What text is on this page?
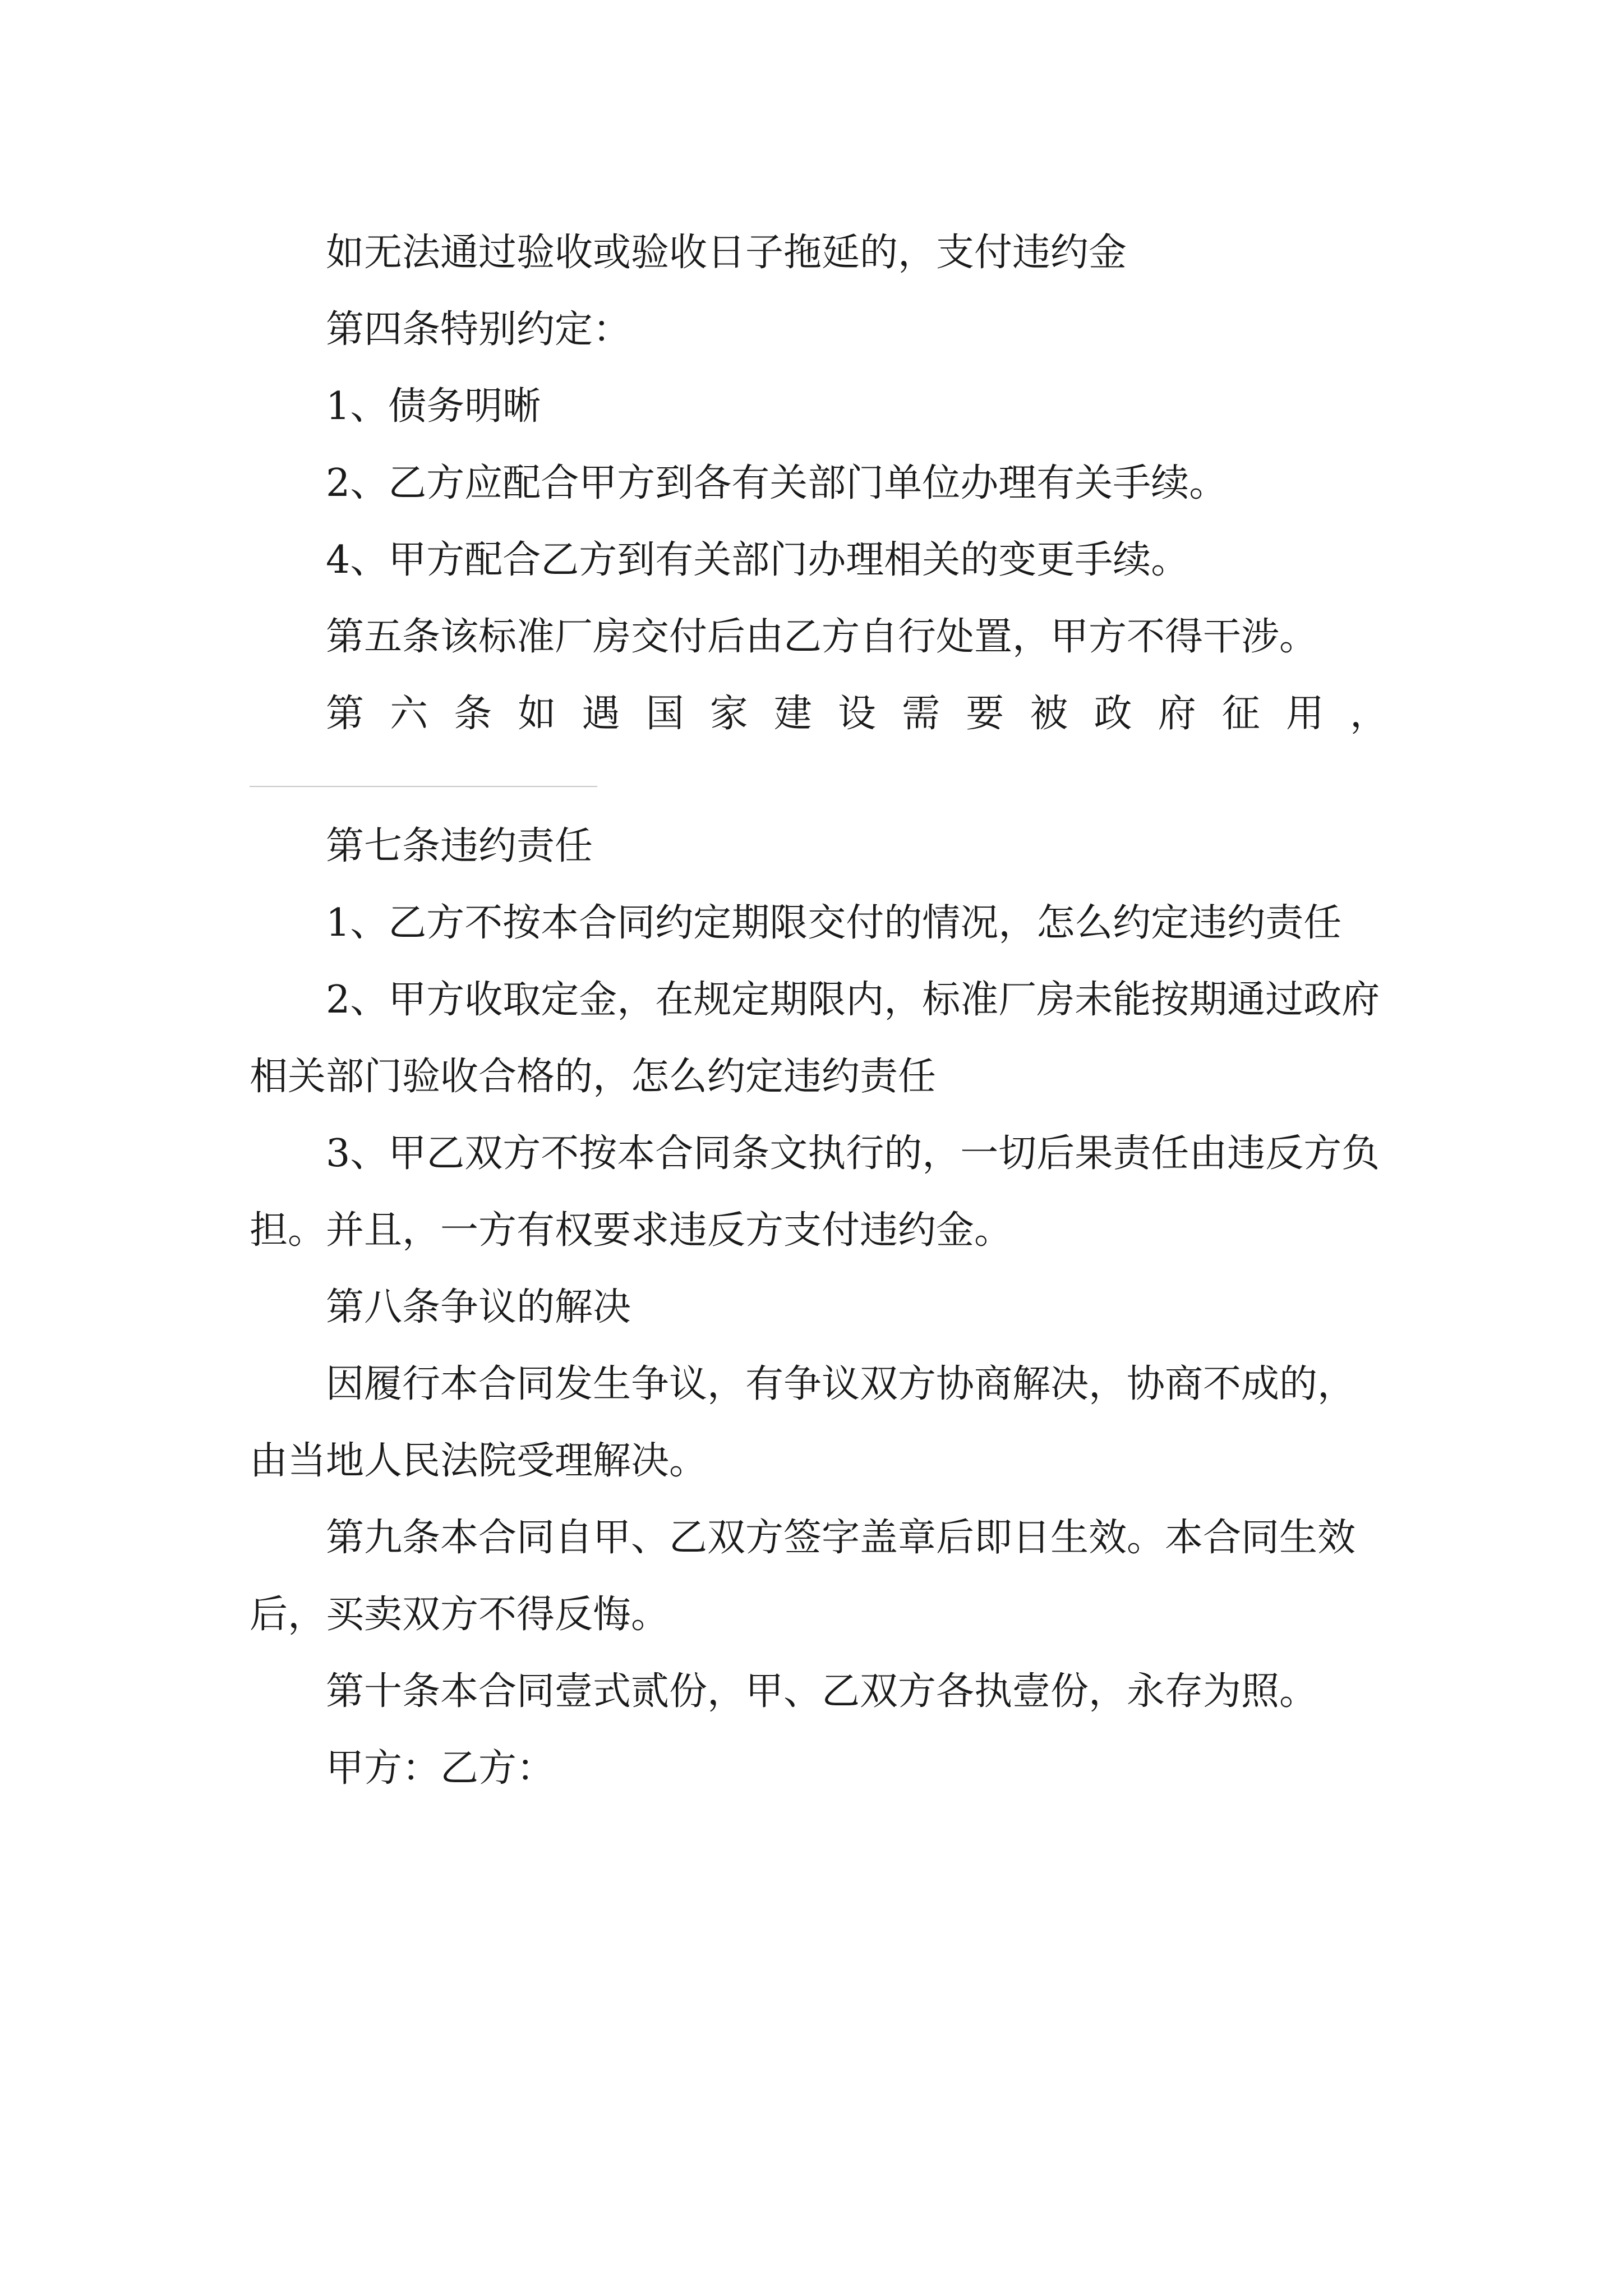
如无法通过验收或验收日子拖延的，支付违约金

第四条特别约定：

1、债务明晰

2、乙方应配合甲方到各有关部门单位办理有关手续。

4、甲方配合乙方到有关部门办理相关的变更手续。

第五条该标准厂房交付后由乙方自行处置，甲方不得干涉。

第六条如遇国家建设需要被政府征用，

第七条违约责任

1、乙方不按本合同约定期限交付的情况，怎么约定违约责任

2、甲方收取定金，在规定期限内，标准厂房未能按期通过政府相关部门验收合格的，怎么约定违约责任

3、甲乙双方不按本合同条文执行的，一切后果责任由违反方负担。并且，一方有权要求违反方支付违约金。

第八条争议的解决

因履行本合同发生争议，有争议双方协商解决，协商不成的，由当地人民法院受理解决。

第九条本合同自甲、乙双方签字盖章后即日生效。本合同生效后，买卖双方不得反悔。

第十条本合同壹式贰份，甲、乙双方各执壹份，永存为照。

甲方：乙方：
